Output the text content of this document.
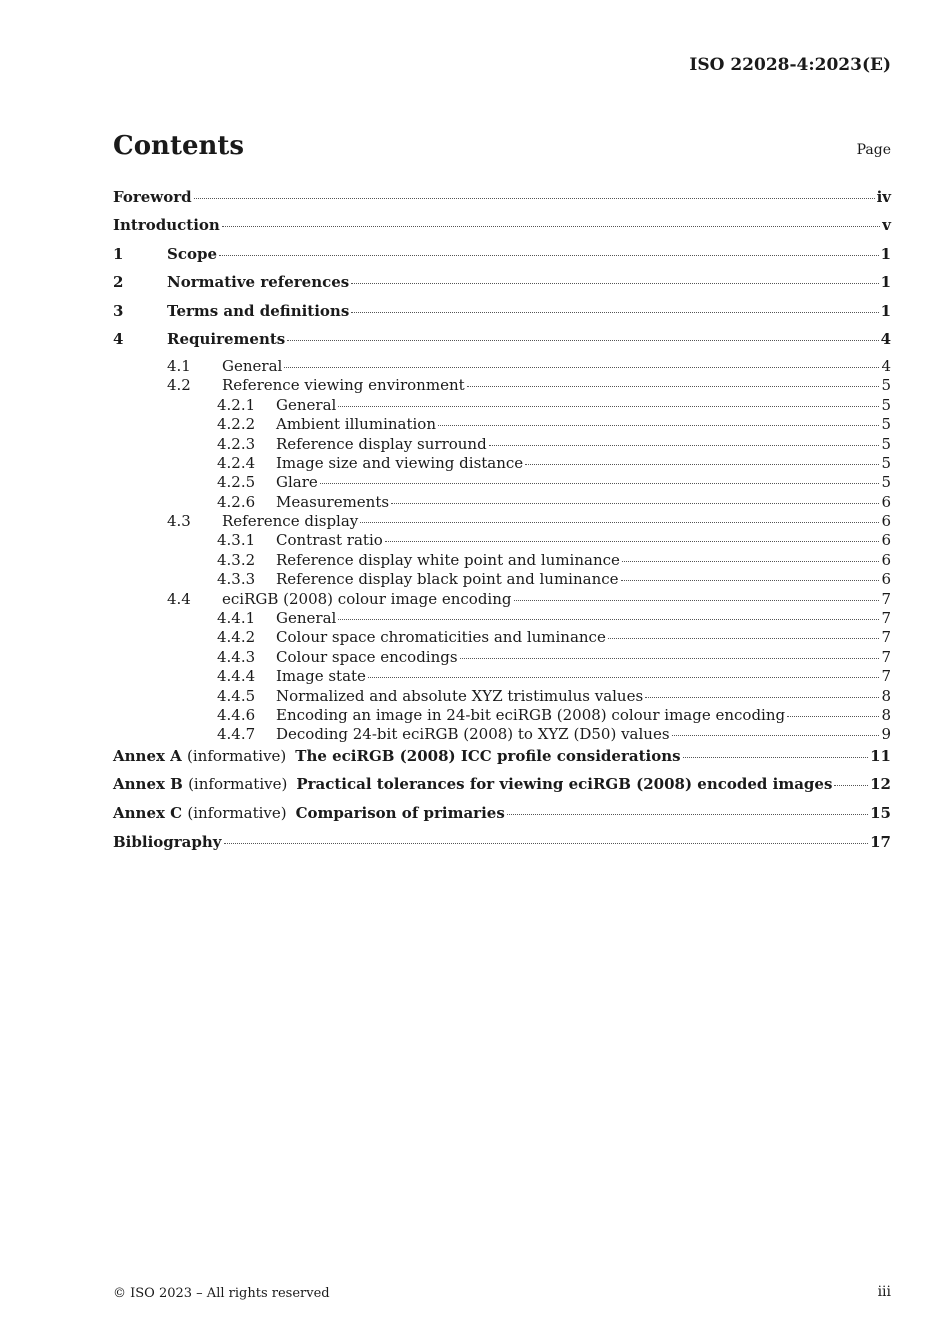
ISO 22028-4:2023(E)
Contents	Page
Foreword	iv
Introduction	v
1	Scope	1
2	Normative references	1
3	Terms and definitions	1
4	Requirements	4
4.1	General	4
4.2	Reference viewing environment	5
4.2.1	General	5
4.2.2	Ambient illumination	5
4.2.3	Reference display surround	5
4.2.4	Image size and viewing distance	5
4.2.5	Glare	5
4.2.6	Measurements	6
4.3	Reference display	6
4.3.1	Contrast ratio	6
4.3.2	Reference display white point and luminance	6
4.3.3	Reference display black point and luminance	6
4.4	eciRGB (2008) colour image encoding	7
4.4.1	General	7
4.4.2	Colour space chromaticities and luminance	7
4.4.3	Colour space encodings	7
4.4.4	Image state	7
4.4.5	Normalized and absolute XYZ tristimulus values	8
4.4.6	Encoding an image in 24-bit eciRGB (2008) colour image encoding	8
4.4.7	Decoding 24-bit eciRGB (2008) to XYZ (D50) values	9
Annex A (informative) The eciRGB (2008) ICC profile considerations	11
Annex B (informative) Practical tolerances for viewing eciRGB (2008) encoded images	12
Annex C (informative) Comparison of primaries	15
Bibliography	17
© ISO 2023 – All rights reserved	iii
